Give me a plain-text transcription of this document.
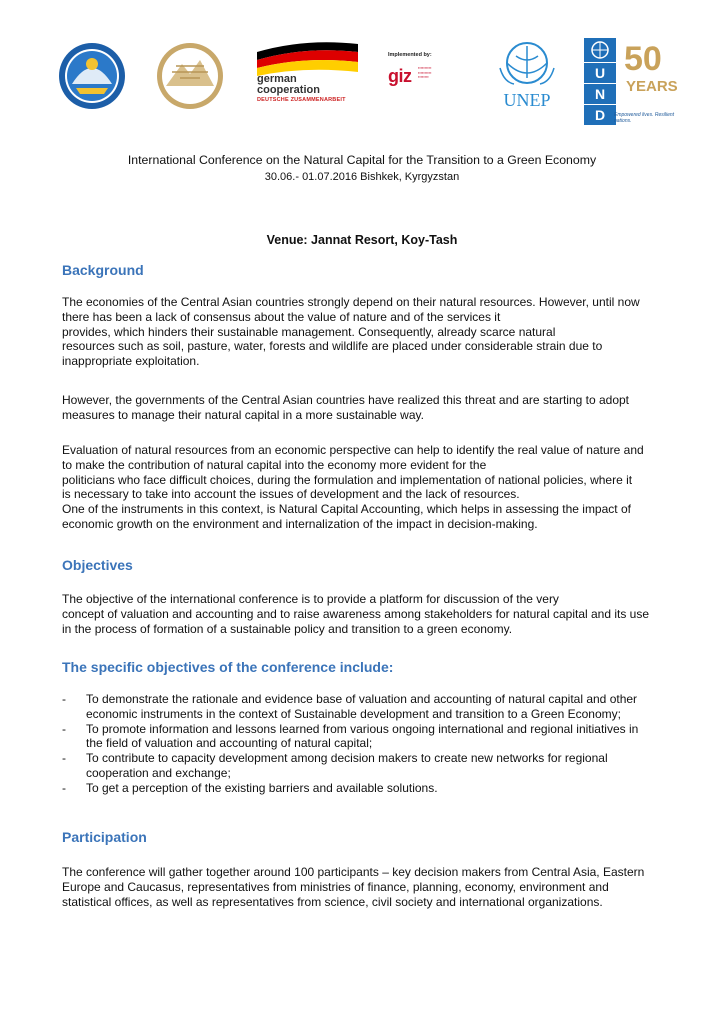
german
cooperation
DEUTSCHE ZUSAMMENARBEIT
Implemented by:
giz ▪▪▪▪▪▪▪▪▪▪
▪▪▪▪▪▪▪▪▪▪
▪▪▪▪▪▪▪▪
UNEP
U
N
D
50
YEARS
Empowered lives. Resilient nations.
International Conference on the Natural Capital for the Transition to a Green Economy
30.06.- 01.07.2016 Bishkek, Kyrgyzstan
Venue: Jannat Resort, Koy-Tash
Background
The economies of the Central Asian countries strongly depend on their natural resources. However, until now
there has been a lack of consensus about the value of nature and of the services it
provides, which hinders their sustainable management. Consequently, already scarce natural
resources such as soil, pasture, water, forests and wildlife are placed under considerable strain due to
inappropriate exploitation.
However, the governments of the Central Asian countries have realized this threat and are starting to adopt
measures to manage their natural capital in a more sustainable way.
Evaluation of natural resources from an economic perspective can help to identify the real value of nature and
to make the contribution of natural capital into the economy more evident for the
politicians who face difficult choices, during the formulation and implementation of national policies, where it
is necessary to take into account the issues of development and the lack of resources.
One of the instruments in this context, is Natural Capital Accounting, which helps in assessing the impact of
economic growth on the environment and internalization of the impact in decision-making.
Objectives
The objective of the international conference is to provide a platform for discussion of the very
concept of valuation and accounting and to raise awareness among stakeholders for natural capital and its use
in the process of formation of a sustainable policy and transition to a green economy.
The specific objectives of the conference include:
- To demonstrate the rationale and evidence base of valuation and accounting of natural capital and other
economic instruments in the context of Sustainable development and transition to a Green Economy;
- To promote information and lessons learned from various ongoing international and regional initiatives in
the field of valuation and accounting of natural capital;
- To contribute to capacity development among decision makers to create new networks for regional
cooperation and exchange;
- To get a perception of the existing barriers and available solutions.
Participation
The conference will gather together around 100 participants – key decision makers from Central Asia, Eastern
Europe and Caucasus, representatives from ministries of finance, planning, economy, environment and
statistical offices, as well as representatives from science, civil society and international organizations.
